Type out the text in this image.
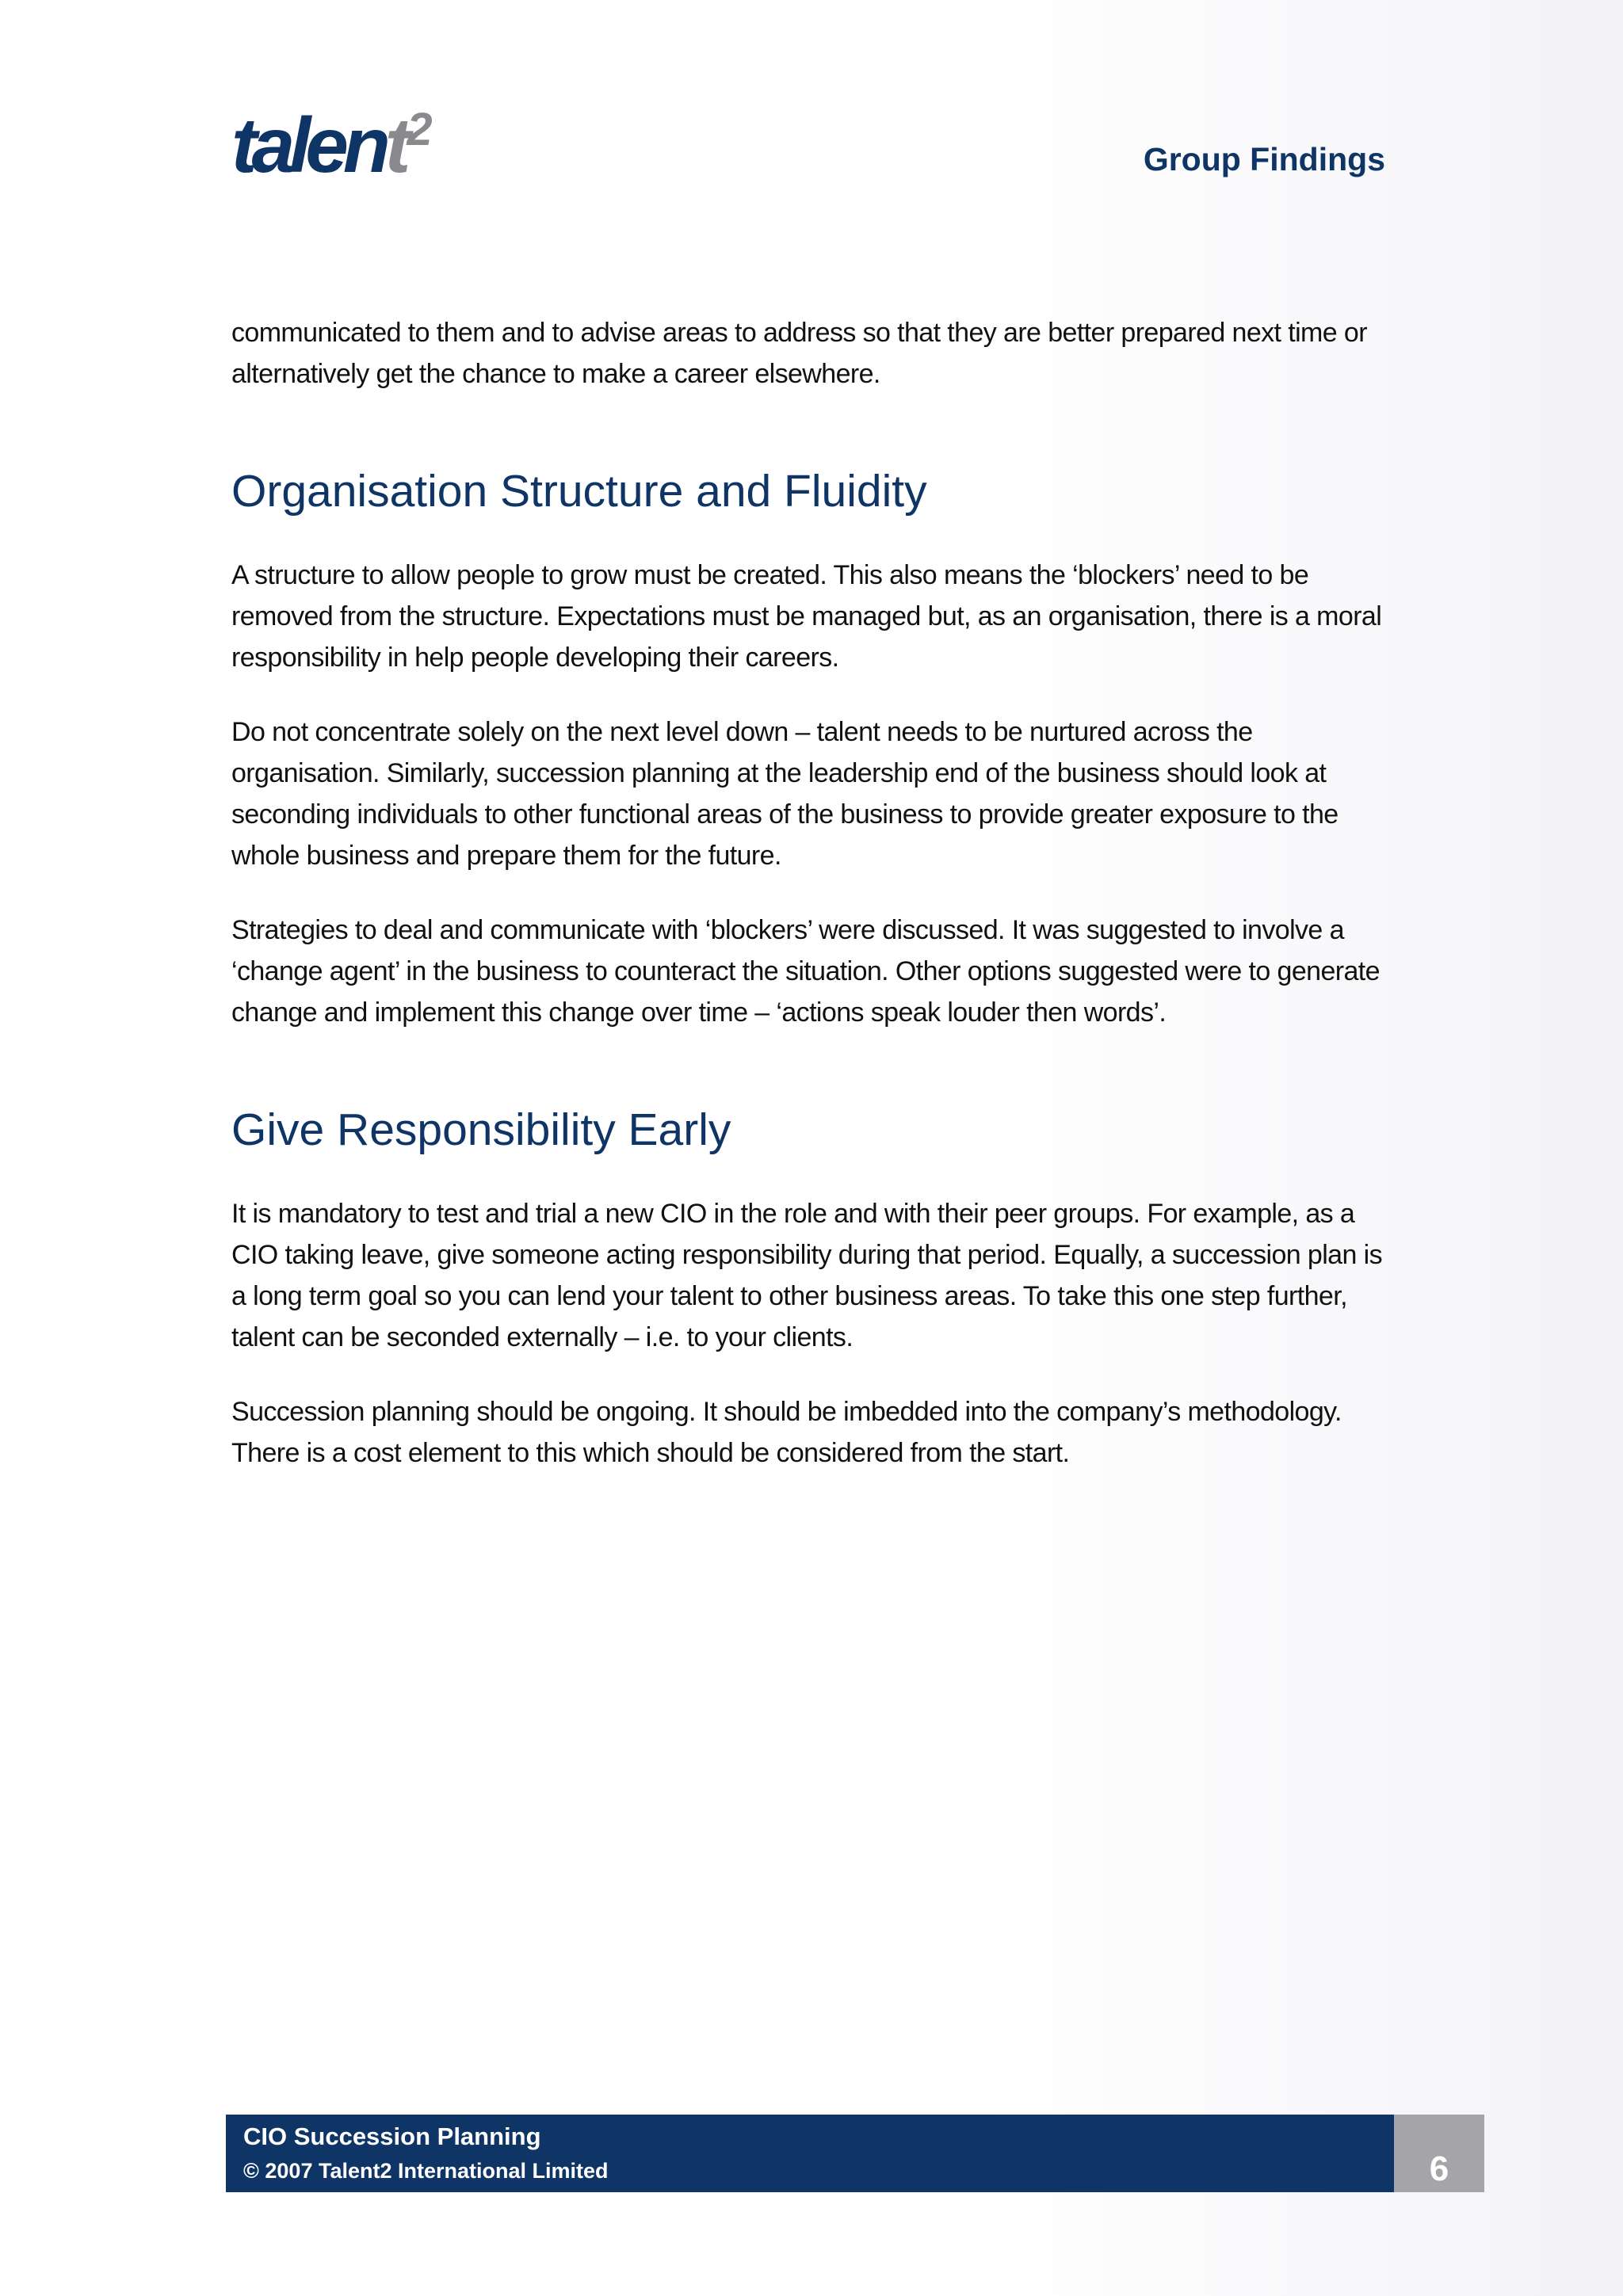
talent$^2$
Group Findings

communicated to them and to advise areas to address so that they are better prepared next time or alternatively get the chance to make a career elsewhere.

Organisation Structure and Fluidity

A structure to allow people to grow must be created. This also means the ‘blockers’ need to be removed from the structure. Expectations must be managed but, as an organisation, there is a moral responsibility in help people developing their careers.

Do not concentrate solely on the next level down – talent needs to be nurtured across the organisation. Similarly, succession planning at the leadership end of the business should look at seconding individuals to other functional areas of the business to provide greater exposure to the whole business and prepare them for the future.

Strategies to deal and communicate with ‘blockers’ were discussed. It was suggested to involve a ‘change agent’ in the business to counteract the situation. Other options suggested were to generate change and implement this change over time – ‘actions speak louder then words’.

Give Responsibility Early

It is mandatory to test and trial a new CIO in the role and with their peer groups. For example, as a CIO taking leave, give someone acting responsibility during that period. Equally, a succession plan is a long term goal so you can lend your talent to other business areas. To take this one step further, talent can be seconded externally – i.e. to your clients.

Succession planning should be ongoing. It should be imbedded into the company’s methodology. There is a cost element to this which should be considered from the start.

CIO Succession Planning
© 2007 Talent2 International Limited	6
